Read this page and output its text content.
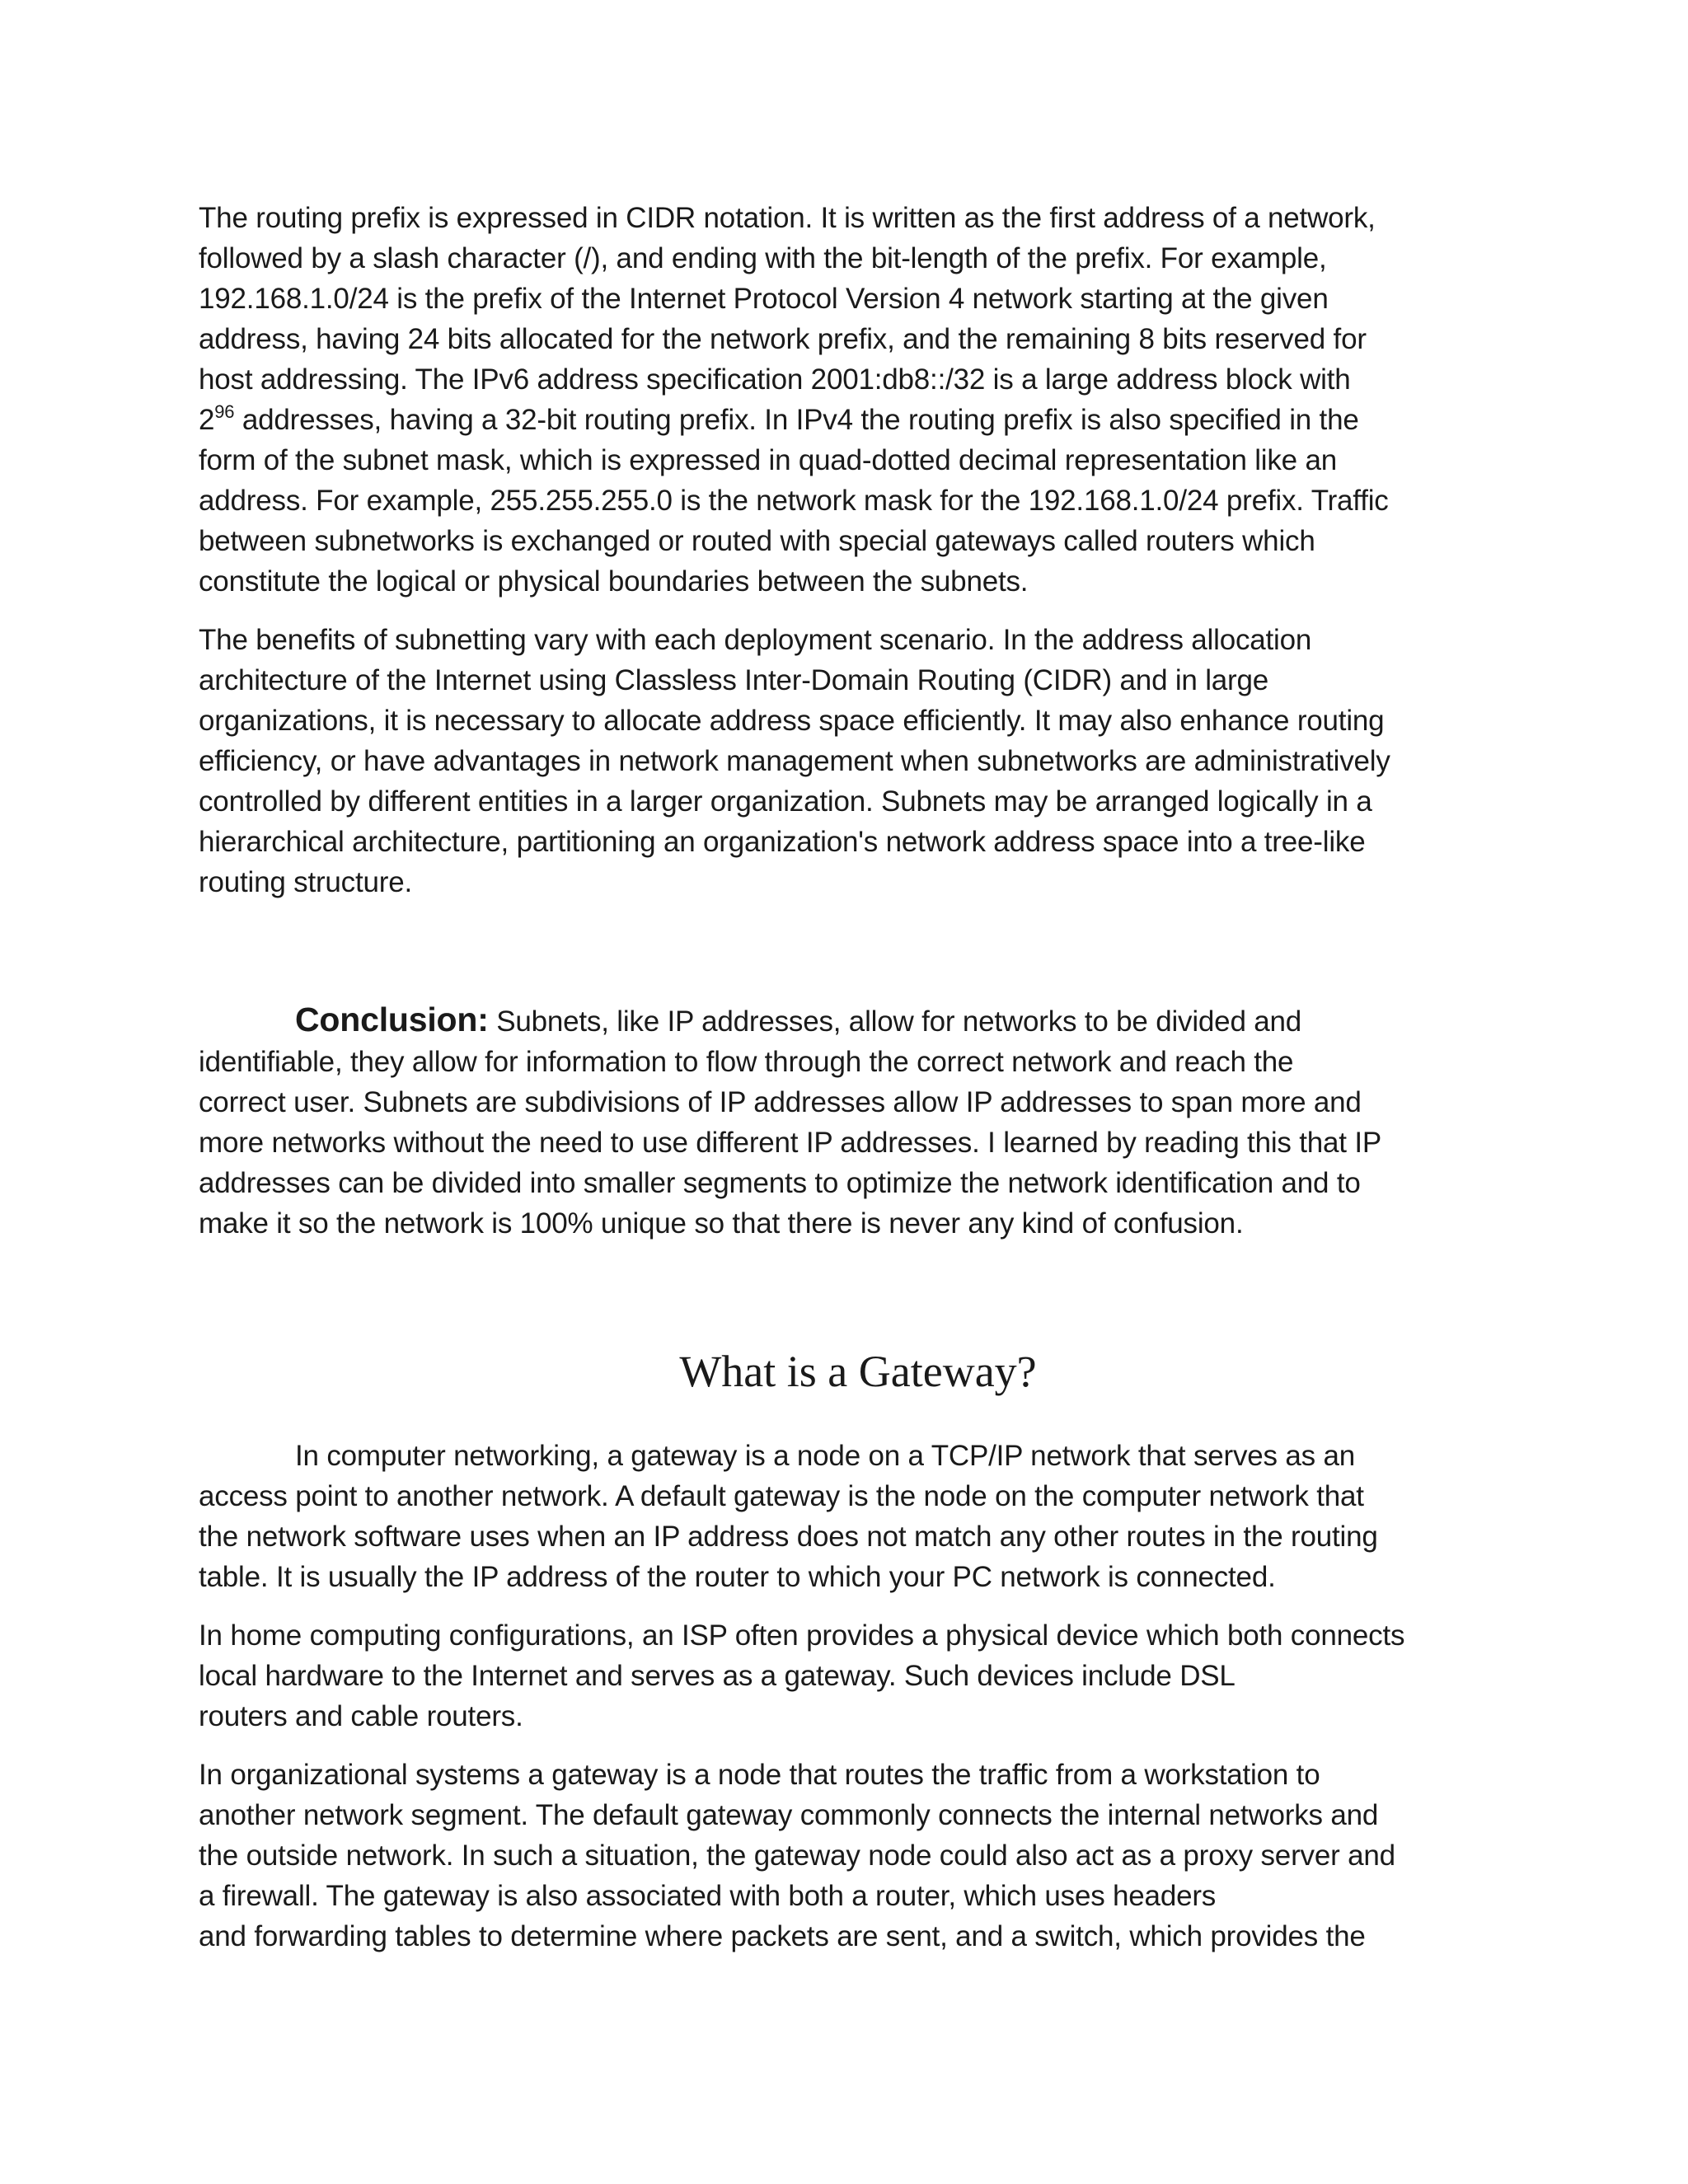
The routing prefix is expressed in CIDR notation. It is written as the first address of a network,
followed by a slash character (/), and ending with the bit-length of the prefix. For example,
192.168.1.0/24 is the prefix of the Internet Protocol Version 4 network starting at the given
address, having 24 bits allocated for the network prefix, and the remaining 8 bits reserved for
host addressing. The IPv6 address specification 2001:db8::/32 is a large address block with
$2^{96}$ addresses, having a 32-bit routing prefix. In IPv4 the routing prefix is also specified in the
form of the subnet mask, which is expressed in quad-dotted decimal representation like an
address. For example, 255.255.255.0 is the network mask for the 192.168.1.0/24 prefix. Traffic
between subnetworks is exchanged or routed with special gateways called routers which
constitute the logical or physical boundaries between the subnets.

The benefits of subnetting vary with each deployment scenario. In the address allocation
architecture of the Internet using Classless Inter-Domain Routing (CIDR) and in large
organizations, it is necessary to allocate address space efficiently. It may also enhance routing
efficiency, or have advantages in network management when subnetworks are administratively
controlled by different entities in a larger organization. Subnets may be arranged logically in a
hierarchical architecture, partitioning an organization's network address space into a tree-like
routing structure.

Conclusion: Subnets, like IP addresses, allow for networks to be divided and
identifiable, they allow for information to flow through the correct network and reach the
correct user. Subnets are subdivisions of IP addresses allow IP addresses to span more and
more networks without the need to use different IP addresses. I learned by reading this that IP
addresses can be divided into smaller segments to optimize the network identification and to
make it so the network is 100% unique so that there is never any kind of confusion.

What is a Gateway?

In computer networking, a gateway is a node on a TCP/IP network that serves as an
access point to another network. A default gateway is the node on the computer network that
the network software uses when an IP address does not match any other routes in the routing
table. It is usually the IP address of the router to which your PC network is connected.

In home computing configurations, an ISP often provides a physical device which both connects
local hardware to the Internet and serves as a gateway. Such devices include DSL
routers and cable routers.

In organizational systems a gateway is a node that routes the traffic from a workstation to
another network segment. The default gateway commonly connects the internal networks and
the outside network. In such a situation, the gateway node could also act as a proxy server and
a firewall. The gateway is also associated with both a router, which uses headers
and forwarding tables to determine where packets are sent, and a switch, which provides the
